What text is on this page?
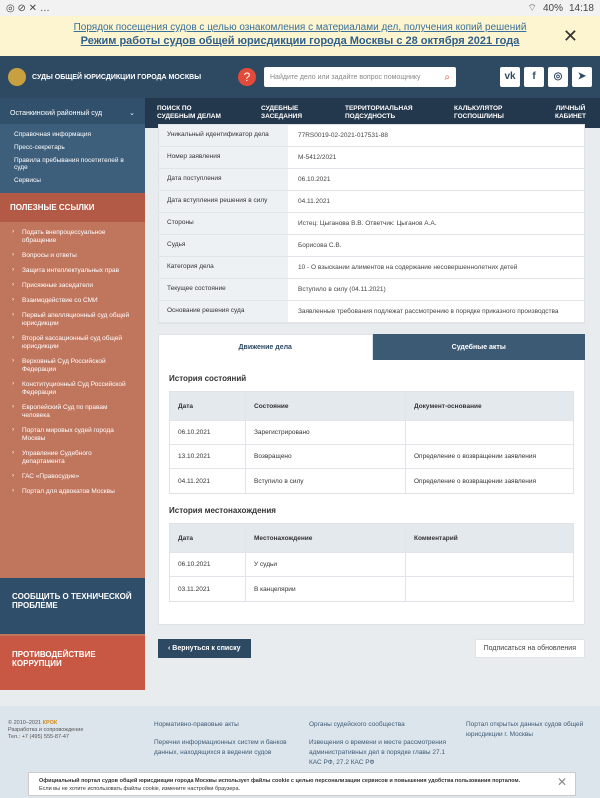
◎ ⊘ ✕ …	⌔ 40% 14:18
Порядок посещения судов с целью ознакомления с материалами дел, получения копий решений
Режим работы судов общей юрисдикции города Москвы с 28 октября 2021 года	✕
СУДЫ ОБЩЕЙ ЮРИСДИКЦИИ ГОРОДА МОСКВЫ	?	Найдите дело или задайте вопрос помощнику ⌕	vk	f	◎	➤
Останкинский районный суд	⌄
ПОИСК ПО СУДЕБНЫМ ДЕЛАМ
СУДЕБНЫЕ ЗАСЕДАНИЯ
ТЕРРИТОРИАЛЬНАЯ ПОДСУДНОСТЬ
КАЛЬКУЛЯТОР ГОСПОШЛИНЫ
ЛИЧНЫЙ КАБИНЕТ
Справочная информация
Пресс-секретарь
Правила пребывания посетителей в суде
Сервисы
ПОЛЕЗНЫЕ ССЫЛКИ
› Подать внепроцессуальное обращение
› Вопросы и ответы
› Защита интеллектуальных прав
› Присяжные заседатели
› Взаимодействие со СМИ
› Первый апелляционный суд общей юрисдикции
› Второй кассационный суд общей юрисдикции
› Верховный Суд Российской Федерации
› Конституционный Суд Российской Федерации
› Европейский Суд по правам человека
› Портал мировых судей города Москвы
› Управление Судебного департамента
› ГАС «Правосудие»
› Портал для адвокатов Москвы
СООБЩИТЬ О ТЕХНИЧЕСКОЙ ПРОБЛЕМЕ
ПРОТИВОДЕЙСТВИЕ КОРРУПЦИИ
Уникальный идентификатор дела	77RS0019-02-2021-017531-88
Номер заявления	М-5412/2021
Дата поступления	06.10.2021
Дата вступления решения в силу	04.11.2021
Стороны	Истец: Цыганова В.В. Ответчик: Цыганов А.А.
Судья	Борисова С.В.
Категория дела	10 - О взыскании алиментов на содержание несовершеннолетних детей
Текущее состояние	Вступило в силу (04.11.2021)
Основание решения суда	Заявленные требования подлежат рассмотрению в порядке приказного производства
Движение дела	Судебные акты
История состояний
Дата	Состояние	Документ-основание
06.10.2021	Зарегистрировано
13.10.2021	Возвращено	Определение о возвращении заявления
04.11.2021	Вступило в силу	Определение о возвращении заявления
История местонахождения
Дата	Местонахождение	Комментарий
06.10.2021	У судьи
03.11.2021	В канцелярии
‹ Вернуться к списку	Подписаться на обновления
© 2010–2021 КРОК
Разработка и сопровождение
Тел.: +7 (495) 555-87-47
Нормативно-правовые акты
Перечни информационных систем и банков данных, находящихся в ведении судов
Органы судейского сообщества
Извещения о времени и месте рассмотрения административных дел в порядке главы 27.1 КАС РФ, 27.2 КАС РФ
Портал открытых данных судов общей юрисдикции г. Москвы
Официальный портал судов общей юрисдикции города Москвы использует файлы cookie с целью персонализации сервисов и повышения удобства пользования порталом.
Если вы не хотите использовать файлы cookie, измените настройки браузера.	✕
